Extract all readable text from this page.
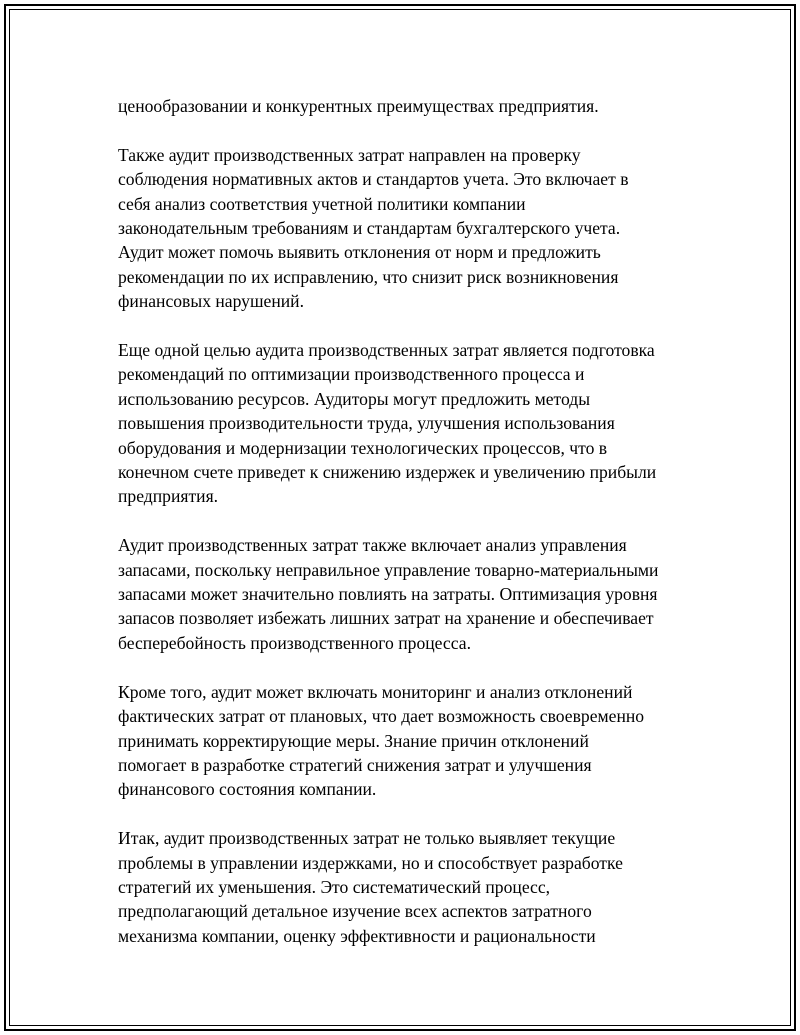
ценообразовании и конкурентных преимуществах предприятия.

Также аудит производственных затрат направлен на проверку
соблюдения нормативных актов и стандартов учета. Это включает в
себя анализ соответствия учетной политики компании
законодательным требованиям и стандартам бухгалтерского учета.
Аудит может помочь выявить отклонения от норм и предложить
рекомендации по их исправлению, что снизит риск возникновения
финансовых нарушений.

Еще одной целью аудита производственных затрат является подготовка
рекомендаций по оптимизации производственного процесса и
использованию ресурсов. Аудиторы могут предложить методы
повышения производительности труда, улучшения использования
оборудования и модернизации технологических процессов, что в
конечном счете приведет к снижению издержек и увеличению прибыли
предприятия.

Аудит производственных затрат также включает анализ управления
запасами, поскольку неправильное управление товарно-материальными
запасами может значительно повлиять на затраты. Оптимизация уровня
запасов позволяет избежать лишних затрат на хранение и обеспечивает
бесперебойность производственного процесса.

Кроме того, аудит может включать мониторинг и анализ отклонений
фактических затрат от плановых, что дает возможность своевременно
принимать корректирующие меры. Знание причин отклонений
помогает в разработке стратегий снижения затрат и улучшения
финансового состояния компании.

Итак, аудит производственных затрат не только выявляет текущие
проблемы в управлении издержками, но и способствует разработке
стратегий их уменьшения. Это систематический процесс,
предполагающий детальное изучение всех аспектов затратного
механизма компании, оценку эффективности и рациональности
